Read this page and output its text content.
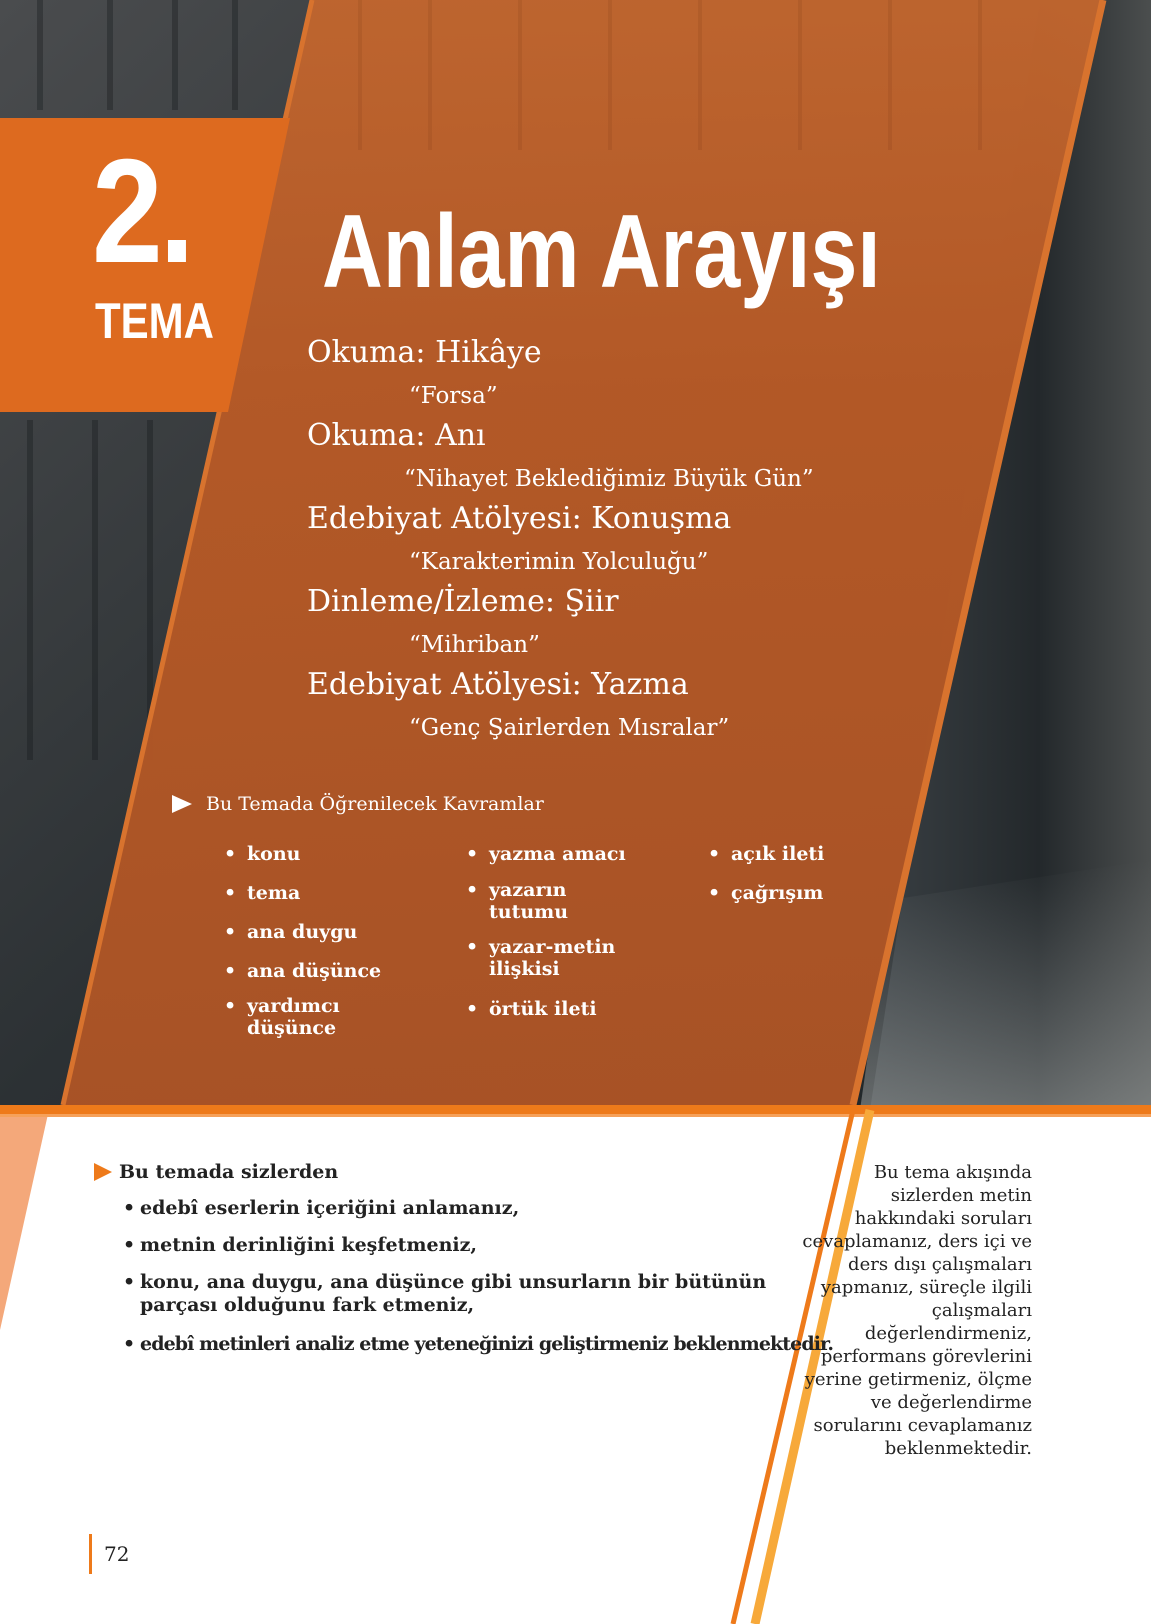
2.
TEMA
Anlam Arayışı
Okuma: Hikâye
“Forsa”
Okuma: Anı
“Nihayet Beklediğimiz Büyük Gün”
Edebiyat Atölyesi: Konuşma
“Karakterimin Yolculuğu”
Dinleme/İzleme: Şiir
“Mihriban”
Edebiyat Atölyesi: Yazma
“Genç Şairlerden Mısralar”
Bu Temada Öğrenilecek Kavramlar
• konu
• tema
• ana duygu
• ana düşünce
• yardımcı düşünce
• yazma amacı
• yazarın tutumu
• yazar-metin ilişkisi
• örtük ileti
• açık ileti
• çağrışım
Bu temada sizlerden
• edebî eserlerin içeriğini anlamanız,
• metnin derinliğini keşfetmeniz,
• konu, ana duygu, ana düşünce gibi unsurların bir bütünün parçası olduğunu fark etmeniz,
• edebî metinleri analiz etme yeteneğinizi geliştirmeniz beklenmektedir.
Bu tema akışında sizlerden metin hakkındaki soruları cevaplamanız, ders içi ve ders dışı çalışmaları yapmanız, süreçle ilgili çalışmaları değerlendirmeniz, performans görevlerini yerine getirmeniz, ölçme ve değerlendirme sorularını cevaplamanız beklenmektedir.
72
